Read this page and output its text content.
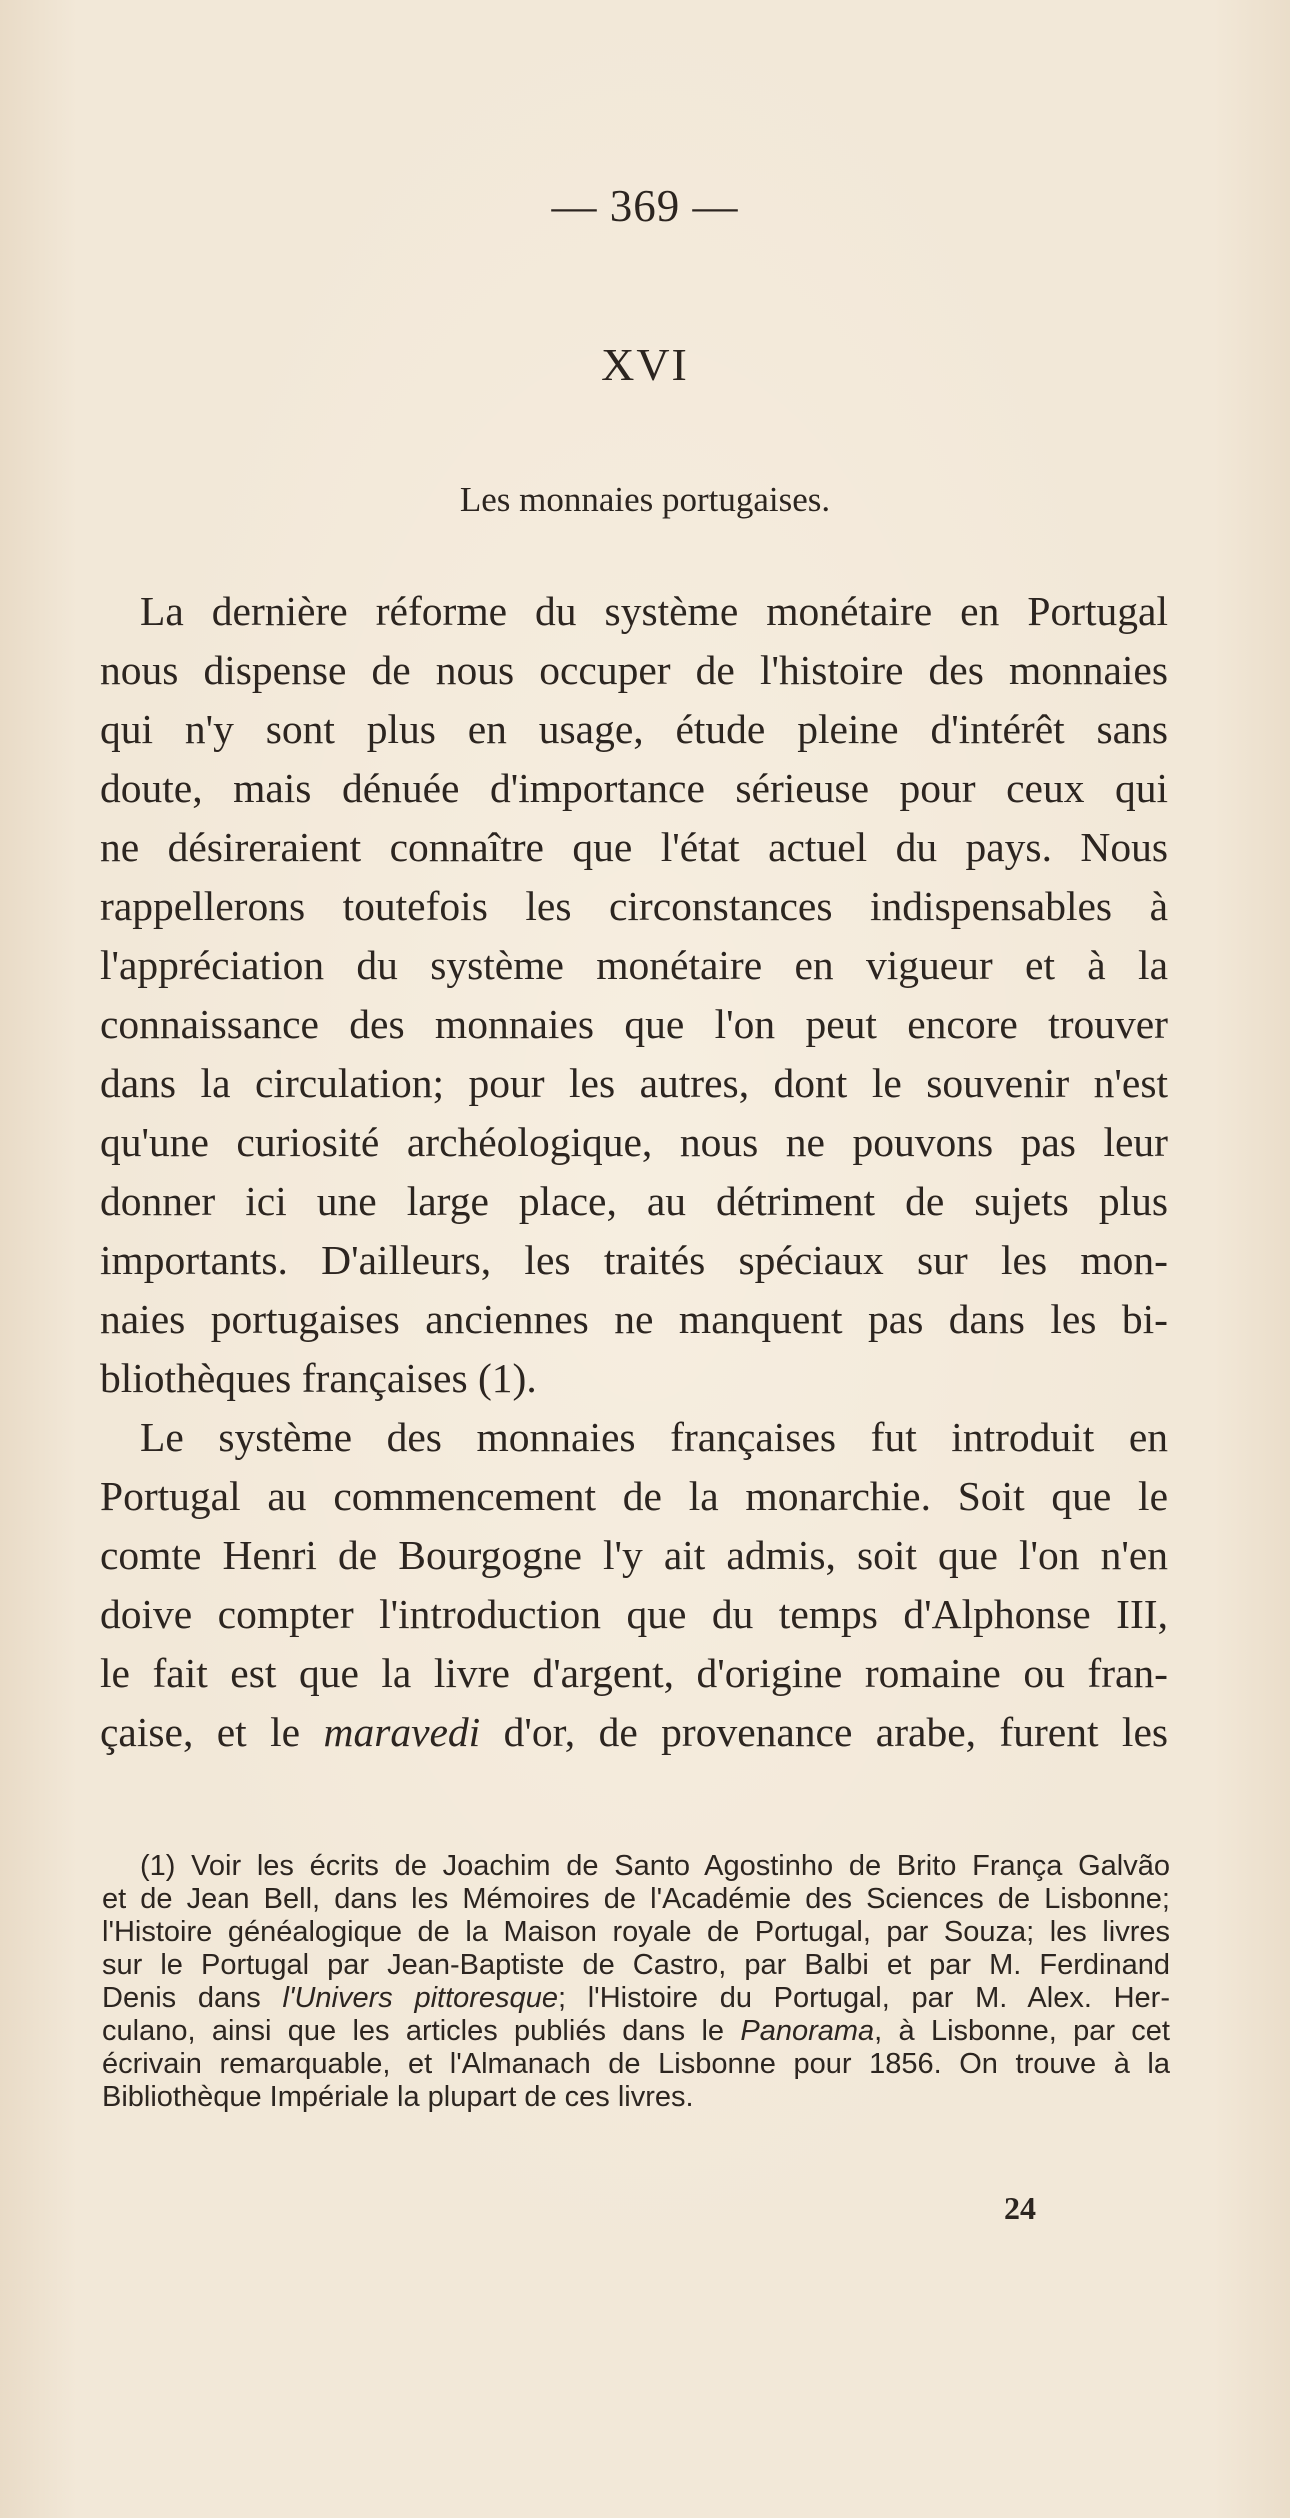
— 369 —
XVI
Les monnaies portugaises.
La dernière réforme du système monétaire en Portugal
nous dispense de nous occuper de l'histoire des monnaies
qui n'y sont plus en usage, étude pleine d'intérêt sans
doute, mais dénuée d'importance sérieuse pour ceux qui
ne désireraient connaître que l'état actuel du pays. Nous
rappellerons toutefois les circonstances indispensables à
l'appréciation du système monétaire en vigueur et à la
connaissance des monnaies que l'on peut encore trouver
dans la circulation; pour les autres, dont le souvenir n'est
qu'une curiosité archéologique, nous ne pouvons pas leur
donner ici une large place, au détriment de sujets plus
importants. D'ailleurs, les traités spéciaux sur les mon-
naies portugaises anciennes ne manquent pas dans les bi-
bliothèques françaises (1).
Le système des monnaies françaises fut introduit en
Portugal au commencement de la monarchie. Soit que le
comte Henri de Bourgogne l'y ait admis, soit que l'on n'en
doive compter l'introduction que du temps d'Alphonse III,
le fait est que la livre d'argent, d'origine romaine ou fran-
çaise, et le maravedi d'or, de provenance arabe, furent les
(1) Voir les écrits de Joachim de Santo Agostinho de Brito França Galvão
et de Jean Bell, dans les Mémoires de l'Académie des Sciences de Lisbonne;
l'Histoire généalogique de la Maison royale de Portugal, par Souza; les livres
sur le Portugal par Jean-Baptiste de Castro, par Balbi et par M. Ferdinand
Denis dans l'Univers pittoresque; l'Histoire du Portugal, par M. Alex. Her-
culano, ainsi que les articles publiés dans le Panorama, à Lisbonne, par cet
écrivain remarquable, et l'Almanach de Lisbonne pour 1856. On trouve à la
Bibliothèque Impériale la plupart de ces livres.
24
